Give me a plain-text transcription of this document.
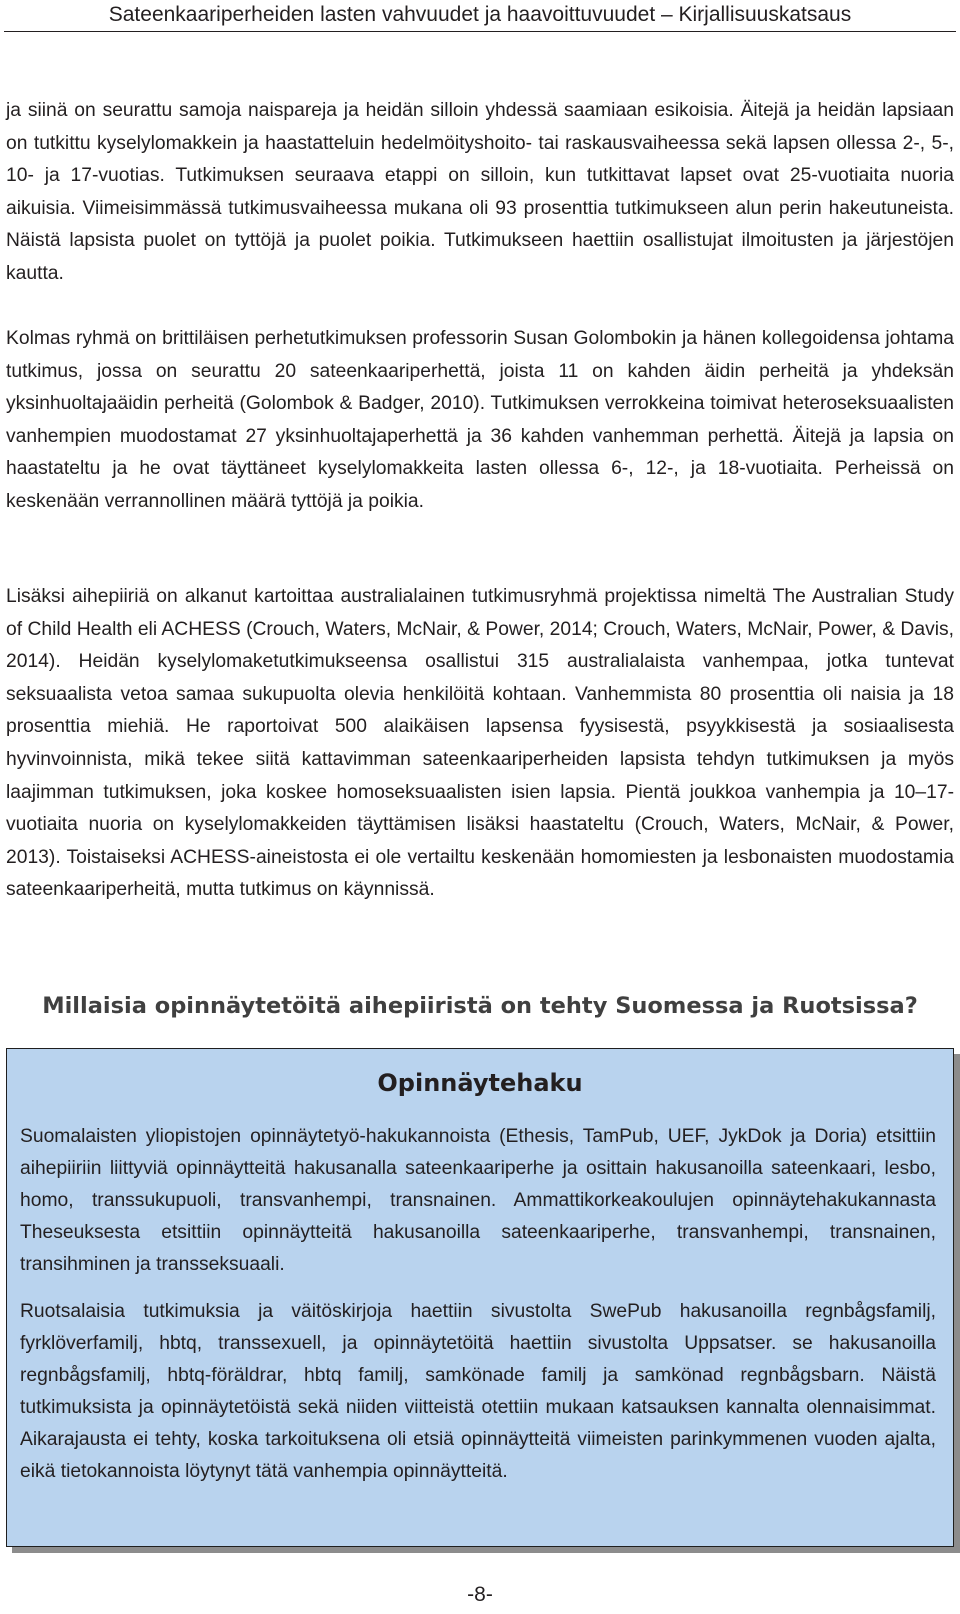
Sateenkaariperheiden lasten vahvuudet ja haavoittuvuudet – Kirjallisuuskatsaus

ja siinä on seurattu samoja naispareja ja heidän silloin yhdessä saamiaan esikoisia. Äitejä ja heidän lapsiaan on tutkittu kyselylomakkein ja haastatteluin hedelmöityshoito- tai raskausvaiheessa sekä lapsen ollessa 2-, 5-, 10- ja 17-vuotias. Tutkimuksen seuraava etappi on silloin, kun tutkittavat lapset ovat 25-vuotiaita nuoria aikuisia. Viimeisimmässä tutkimusvaiheessa mukana oli 93 prosenttia tutkimukseen alun perin hakeutuneista. Näistä lapsista puolet on tyttöjä ja puolet poikia. Tutkimukseen haettiin osallistujat ilmoitusten ja järjestöjen kautta.

Kolmas ryhmä on brittiläisen perhetutkimuksen professorin Susan Golombokin ja hänen kollegoidensa johtama tutkimus, jossa on seurattu 20 sateenkaariperhettä, joista 11 on kahden äidin perheitä ja yhdeksän yksinhuoltajaäidin perheitä (Golombok & Badger, 2010). Tutkimuksen verrokkeina toimivat heteroseksuaalisten vanhempien muodostamat 27 yksinhuoltajaperhettä ja 36 kahden vanhemman perhettä. Äitejä ja lapsia on haastateltu ja he ovat täyttäneet kyselylomakkeita lasten ollessa 6-, 12-, ja 18-vuotiaita. Perheissä on keskenään verrannollinen määrä tyttöjä ja poikia.

Lisäksi aihepiiriä on alkanut kartoittaa australialainen tutkimusryhmä projektissa nimeltä The Australian Study of Child Health eli ACHESS (Crouch, Waters, McNair, & Power, 2014; Crouch, Waters, McNair, Power, & Davis, 2014). Heidän kyselylomaketutkimukseensa osallistui 315 australialaista vanhempaa, jotka tuntevat seksuaalista vetoa samaa sukupuolta olevia henkilöitä kohtaan. Vanhemmista 80 prosenttia oli naisia ja 18 prosenttia miehiä. He raportoivat 500 alaikäisen lapsensa fyysisestä, psyykkisestä ja sosiaalisesta hyvinvoinnista, mikä tekee siitä kattavimman sateenkaariperheiden lapsista tehdyn tutkimuksen ja myös laajimman tutkimuksen, joka koskee homoseksuaalisten isien lapsia. Pientä joukkoa vanhempia ja 10–17-vuotiaita nuoria on kyselylomakkeiden täyttämisen lisäksi haastateltu (Crouch, Waters, McNair, & Power, 2013). Toistaiseksi ACHESS-aineistosta ei ole vertailtu keskenään homomiesten ja lesbonaisten muodostamia sateenkaariperheitä, mutta tutkimus on käynnissä.

Millaisia opinnäytetöitä aihepiiristä on tehty Suomessa ja Ruotsissa?
Opinnäytehaku

Suomalaisten yliopistojen opinnäytetyö-hakukannoista (Ethesis, TamPub, UEF, JykDok ja Doria) etsittiin aihepiiriin liittyviä opinnäytteitä hakusanalla sateenkaariperhe ja osittain hakusanoilla sateenkaari, lesbo, homo, transsukupuoli, transvanhempi, transnainen. Ammattikorkeakoulujen opinnäytehakukannasta Theseuksesta etsittiin opinnäytteitä hakusanoilla sateenkaariperhe, transvanhempi, transnainen, transihminen ja transseksuaali.

Ruotsalaisia tutkimuksia ja väitöskirjoja haettiin sivustolta SwePub hakusanoilla regnbågsfamilj, fyrklöverfamilj, hbtq, transsexuell, ja opinnäytetöitä haettiin sivustolta Uppsatser. se hakusanoilla regnbågsfamilj, hbtq-föräldrar, hbtq familj, samkönade familj ja samkönad regnbågsbarn. Näistä tutkimuksista ja opinnäytetöistä sekä niiden viitteistä otettiin mukaan katsauksen kannalta olennaisimmat. Aikarajausta ei tehty, koska tarkoituksena oli etsiä opinnäytteitä viimeisten parinkymmenen vuoden ajalta, eikä tietokannoista löytynyt tätä vanhempia opinnäytteitä.

-8-
